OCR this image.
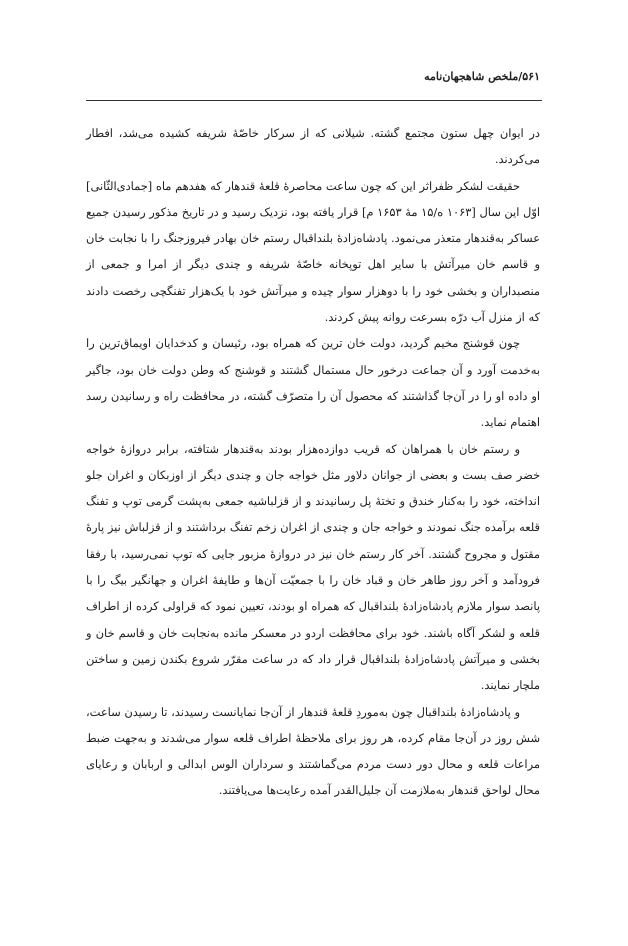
۵۶۱/ملخص شاهجهان‌نامه

در ایوان چهل ستون مجتمع گشته. شیلانی که از سرکار خاصّهٔ شریفه کشیده می‌شد، افطار می‌کردند.

حقیقت لشکر ظفراثر این که چون ساعت محاصرهٔ قلعهٔ قندهار که هفدهم ماه [جمادی‌الثّانی] اوّل این سال [۱۰۶۳ ه/۱۵ مهٔ ۱۶۵۳ م] قرار یافته بود، نزدیک رسید و در تاریخ مذکور رسیدن جمیع عساکر به‌قندهار متعذر می‌نمود. پادشاه‌زادهٔ بلنداقبال رستم خان بهادر فیروزجنگ را با نجابت خان و قاسم خان میرآتش با سایر اهل توپخانه خاصّهٔ شریفه و چندی دیگر از امرا و جمعی از منصبداران و بخشی خود را با دوهزار سوار چیده و میرآتش خود با یک‌هزار تفنگچی رخصت دادند که از منزل آب درّه بسرعت روانه پیش کردند.

چون قوشنج مخیم گردید، دولت خان ترین که همراه بود، رئیسان و کدخدایان اویماق‌ترین را به‌خدمت آورد و آن جماعت درخور حال مستمال گشتند و قوشنج که وطن دولت خان بود، جاگیر او داده او را در آن‌جا گذاشتند که محصول آن را متصرّف گشته، در محافظت راه و رسانیدن رسد اهتمام نماید.

و رستم خان با همراهان که قریب دوازده‌هزار بودند به‌قندهار شتافته، برابر دروازهٔ خواجه خضر صف بست و بعضی از جوانان دلاور مثل خواجه جان و چندی دیگر از اوزبکان و اغران جلو انداخته، خود را به‌کنار خندق و تختهٔ پل رسانیدند و از قزلباشیه جمعی به‌پشت گرمی توپ و تفنگ قلعه برآمده جنگ نمودند و خواجه جان و چندی از اغران زخم تفنگ برداشتند و از قزلباش نیز پارهٔ مقتول و مجروح گشتند. آخر کار رستم خان نیز در دروازهٔ مزبور جایی که توپ نمی‌رسید، با رفقا فرودآمد و آخر روز طاهر خان و قباد خان را با جمعیّت آن‌ها و طایفهٔ اغران و جهانگیر بیگ را با پانصد سوار ملازم پادشاه‌زادهٔ بلنداقبال که همراه او بودند، تعیین نمود که قراولی کرده از اطراف قلعه و لشکر آگاه باشند. خود برای محافظت اردو در معسکر مانده به‌نجابت خان و قاسم خان و بخشی و میرآتش پادشاه‌زادهٔ بلنداقبال قرار داد که در ساعت مقرّر شروع بکندن زمین و ساختن ملچار نمایند.

و پادشاه‌زادهٔ بلنداقبال چون به‌موردِ قلعهٔ قندهار از آن‌جا نمایانست رسیدند، تا رسیدن ساعت، شش روز در آن‌جا مقام کرده، هر روز برای ملاحظهٔ اطراف قلعه سوار می‌شدند و به‌جهت ضبط مراعات قلعه و محال دور دست مردم می‌گماشتند و سرداران الوس ابدالی و اربابان و رعایای محال لواحق قندهار به‌ملازمت آن جلیل‌القدر آمده رعایت‌ها می‌یافتند.
